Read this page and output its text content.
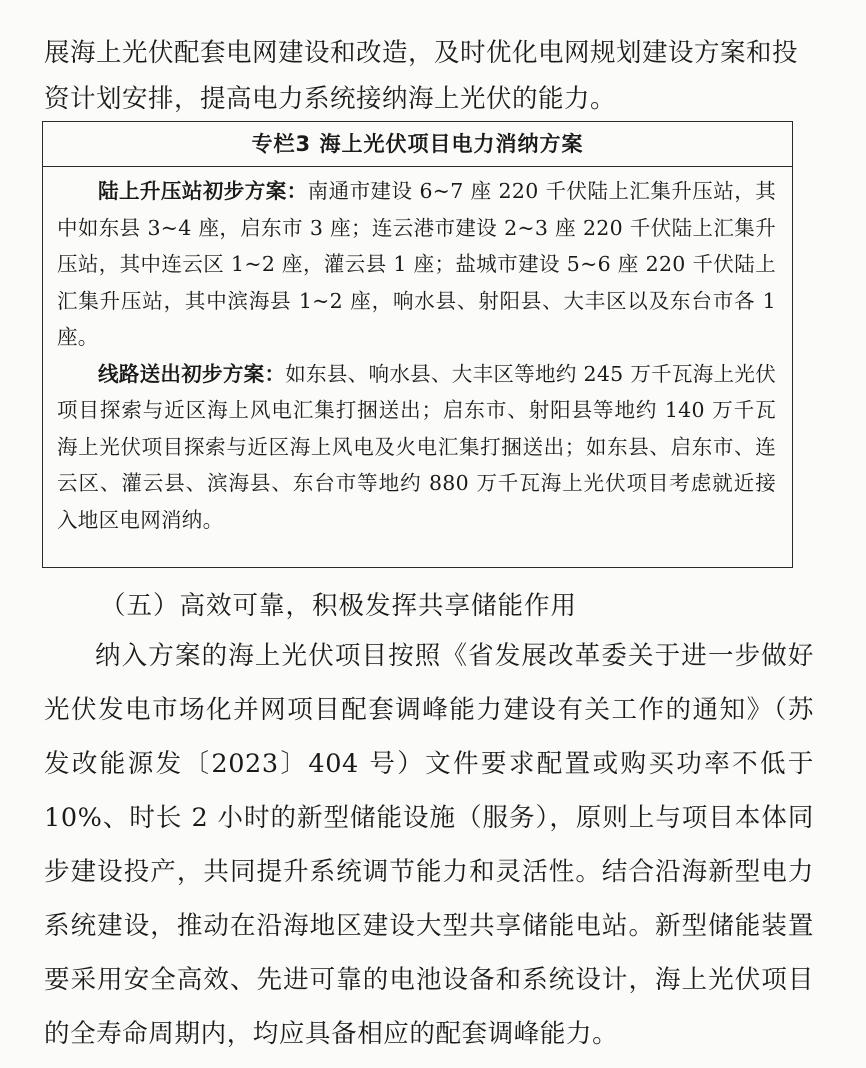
展海上光伏配套电网建设和改造，及时优化电网规划建设方案和投资计划安排，提高电力系统接纳海上光伏的能力。

专栏3 海上光伏项目电力消纳方案

陆上升压站初步方案：南通市建设 6~7 座 220 千伏陆上汇集升压站，其中如东县 3~4 座，启东市 3 座；连云港市建设 2~3 座 220 千伏陆上汇集升压站，其中连云区 1~2 座，灌云县 1 座；盐城市建设 5~6 座 220 千伏陆上汇集升压站，其中滨海县 1~2 座，响水县、射阳县、大丰区以及东台市各 1 座。

线路送出初步方案：如东县、响水县、大丰区等地约 245 万千瓦海上光伏项目探索与近区海上风电汇集打捆送出；启东市、射阳县等地约 140 万千瓦海上光伏项目探索与近区海上风电及火电汇集打捆送出；如东县、启东市、连云区、灌云县、滨海县、东台市等地约 880 万千瓦海上光伏项目考虑就近接入地区电网消纳。

（五）高效可靠，积极发挥共享储能作用

纳入方案的海上光伏项目按照《省发展改革委关于进一步做好光伏发电市场化并网项目配套调峰能力建设有关工作的通知》（苏发改能源发〔2023〕404 号）文件要求配置或购买功率不低于 10%、时长 2 小时的新型储能设施（服务），原则上与项目本体同步建设投产，共同提升系统调节能力和灵活性。结合沿海新型电力系统建设，推动在沿海地区建设大型共享储能电站。新型储能装置要采用安全高效、先进可靠的电池设备和系统设计，海上光伏项目的全寿命周期内，均应具备相应的配套调峰能力。
